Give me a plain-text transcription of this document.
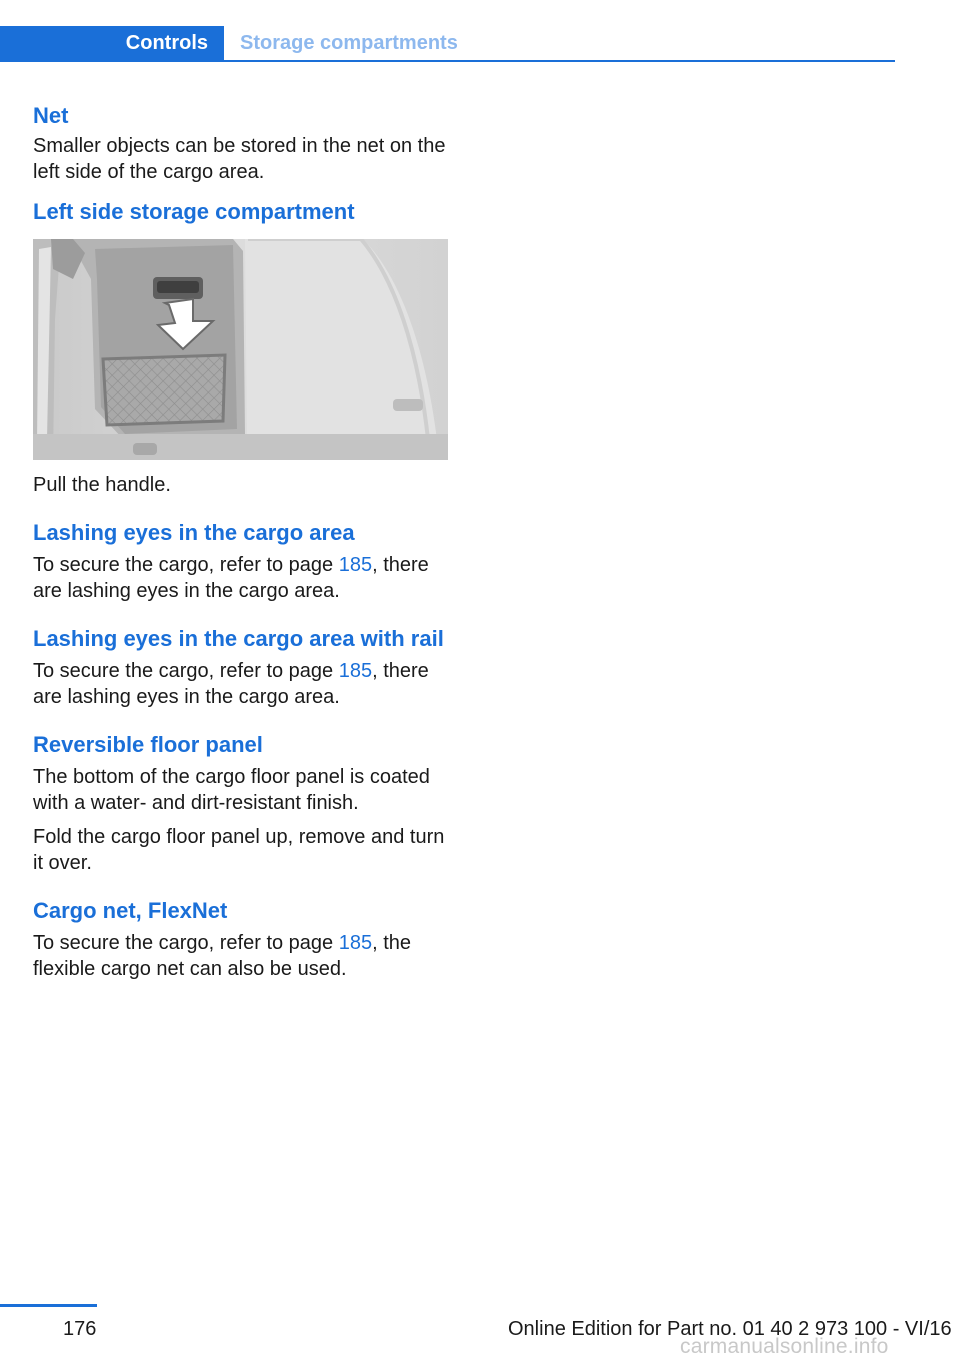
Controls	Storage compartments
Net

Smaller objects can be stored in the net on the left side of the cargo area.

Left side storage compartment

Pull the handle.

Lashing eyes in the cargo area

To secure the cargo, refer to page 185, there are lashing eyes in the cargo area.

Lashing eyes in the cargo area with rail

To secure the cargo, refer to page 185, there are lashing eyes in the cargo area.

Reversible floor panel

The bottom of the cargo floor panel is coated with a water- and dirt-resistant finish.

Fold the cargo floor panel up, remove and turn it over.

Cargo net, FlexNet

To secure the cargo, refer to page 185, the flexible cargo net can also be used.

176	Online Edition for Part no. 01 40 2 973 100 - VI/16
carmanualsonline.info
